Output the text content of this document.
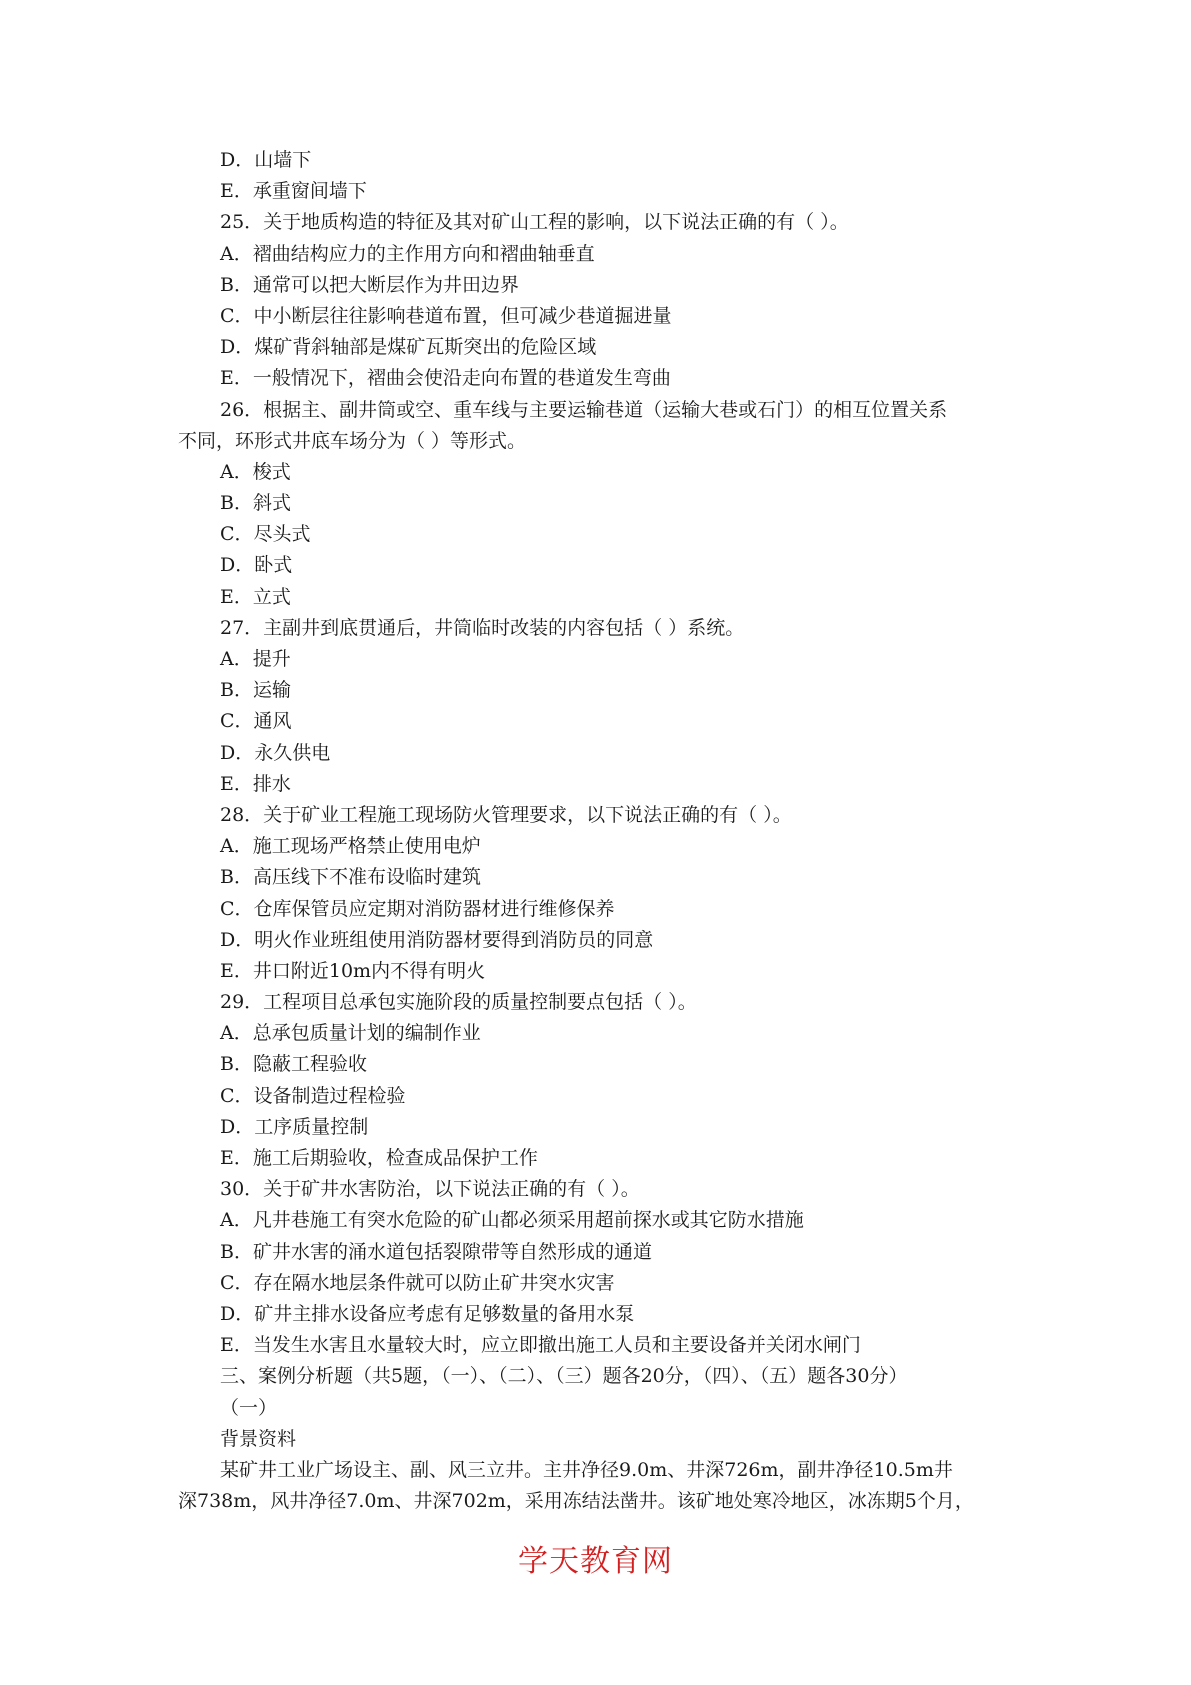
D．山墙下
E．承重窗间墙下
25．关于地质构造的特征及其对矿山工程的影响，以下说法正确的有（ ）。
A．褶曲结构应力的主作用方向和褶曲轴垂直
B．通常可以把大断层作为井田边界
C．中小断层往往影响巷道布置，但可减少巷道掘进量
D．煤矿背斜轴部是煤矿瓦斯突出的危险区域
E．一般情况下，褶曲会使沿走向布置的巷道发生弯曲
26．根据主、副井筒或空、重车线与主要运输巷道（运输大巷或石门）的相互位置关系
不同，环形式井底车场分为（ ）等形式。
A．梭式
B．斜式
C．尽头式
D．卧式
E．立式
27．主副井到底贯通后，井筒临时改装的内容包括（ ）系统。
A．提升
B．运输
C．通风
D．永久供电
E．排水
28．关于矿业工程施工现场防火管理要求，以下说法正确的有（ ）。
A．施工现场严格禁止使用电炉
B．高压线下不准布设临时建筑
C．仓库保管员应定期对消防器材进行维修保养
D．明火作业班组使用消防器材要得到消防员的同意
E．井口附近10m内不得有明火
29．工程项目总承包实施阶段的质量控制要点包括（ ）。
A．总承包质量计划的编制作业
B．隐蔽工程验收
C．设备制造过程检验
D．工序质量控制
E．施工后期验收，检查成品保护工作
30．关于矿井水害防治，以下说法正确的有（ ）。
A．凡井巷施工有突水危险的矿山都必须采用超前探水或其它防水措施
B．矿井水害的涌水道包括裂隙带等自然形成的通道
C．存在隔水地层条件就可以防止矿井突水灾害
D．矿井主排水设备应考虑有足够数量的备用水泵
E．当发生水害且水量较大时，应立即撤出施工人员和主要设备并关闭水闸门
三、案例分析题（共5题，（一）、（二）、（三）题各20分，（四）、（五）题各30分）
（一）
背景资料
某矿井工业广场设主、副、风三立井。主井净径9.0m、井深726m，副井净径10.5m井
深738m，风井净径7.0m、井深702m，采用冻结法凿井。该矿地处寒冷地区，冰冻期5个月，
学天教育网
